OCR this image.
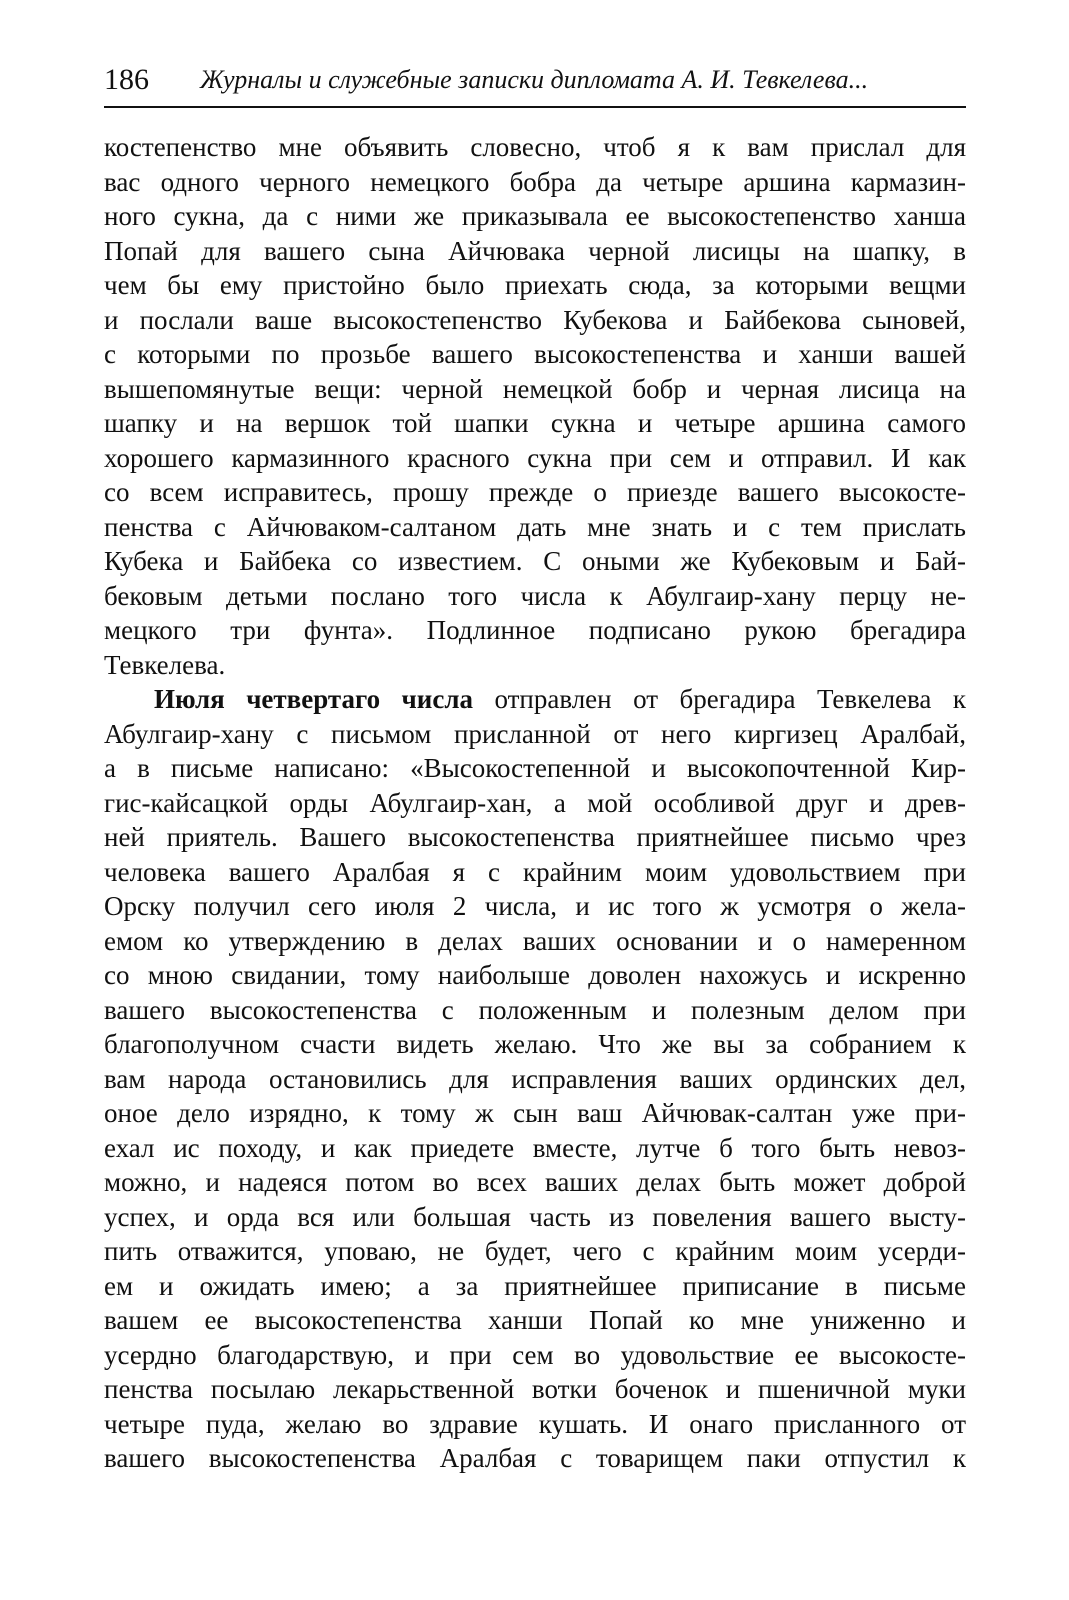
186 Журналы и служебные записки дипломата А. И. Тевкелева...
костепенство мне объявить словесно, чтоб я к вам прислал для
вас одного черного немецкого бобра да четыре аршина кармазин-
ного сукна, да с ними же приказывала ее высокостепенство ханша
Попай для вашего сына Айчювака черной лисицы на шапку, в
чем бы ему пристойно было приехать сюда, за которыми вещми
и послали ваше высокостепенство Кубекова и Байбекова сыновей,
с которыми по прозьбе вашего высокостепенства и ханши вашей
вышепомянутые вещи: черной немецкой бобр и черная лисица на
шапку и на вершок той шапки сукна и четыре аршина самого
хорошего кармазинного красного сукна при сем и отправил. И как
со всем исправитесь, прошу прежде о приезде вашего высокосте-
пенства с Айчюваком-салтаном дать мне знать и с тем прислать
Кубека и Байбека со известием. С оными же Кубековым и Бай-
бековым детьми послано того числа к Абулгаир-хану перцу не-
мецкого три фунта». Подлинное подписано рукою брегадира
Тевкелева.
Июля четвертаго числа отправлен от брегадира Тевкелева к
Абулгаир-хану с письмом присланной от него киргизец Аралбай,
а в письме написано: «Высокостепенной и высокопочтенной Кир-
гис-кайсацкой орды Абулгаир-хан, а мой особливой друг и древ-
ней приятель. Вашего высокостепенства приятнейшее письмо чрез
человека вашего Аралбая я с крайним моим удовольствием при
Орску получил сего июля 2 числа, и ис того ж усмотря о жела-
емом ко утверждению в делах ваших основании и о намеренном
со мною свидании, тому наиболыше доволен нахожусь и искренно
вашего высокостепенства с положенным и полезным делом при
благополучном счасти видеть желаю. Что же вы за собранием к
вам народа остановились для исправления ваших ординских дел,
оное дело изрядно, к тому ж сын ваш Айчювак-салтан уже при-
ехал ис походу, и как приедете вместе, лутче б того быть невоз-
можно, и надеяся потом во всех ваших делах быть может доброй
успех, и орда вся или большая часть из повеления вашего высту-
пить отважится, уповаю, не будет, чего с крайним моим усерди-
ем и ожидать имею; а за приятнейшее приписание в письме
вашем ее высокостепенства ханши Попай ко мне униженно и
усердно благодарствую, и при сем во удовольствие ее высокосте-
пенства посылаю лекарьственной вотки боченок и пшеничной муки
четыре пуда, желаю во здравие кушать. И онаго присланного от
вашего высокостепенства Аралбая с товарищем паки отпустил к
